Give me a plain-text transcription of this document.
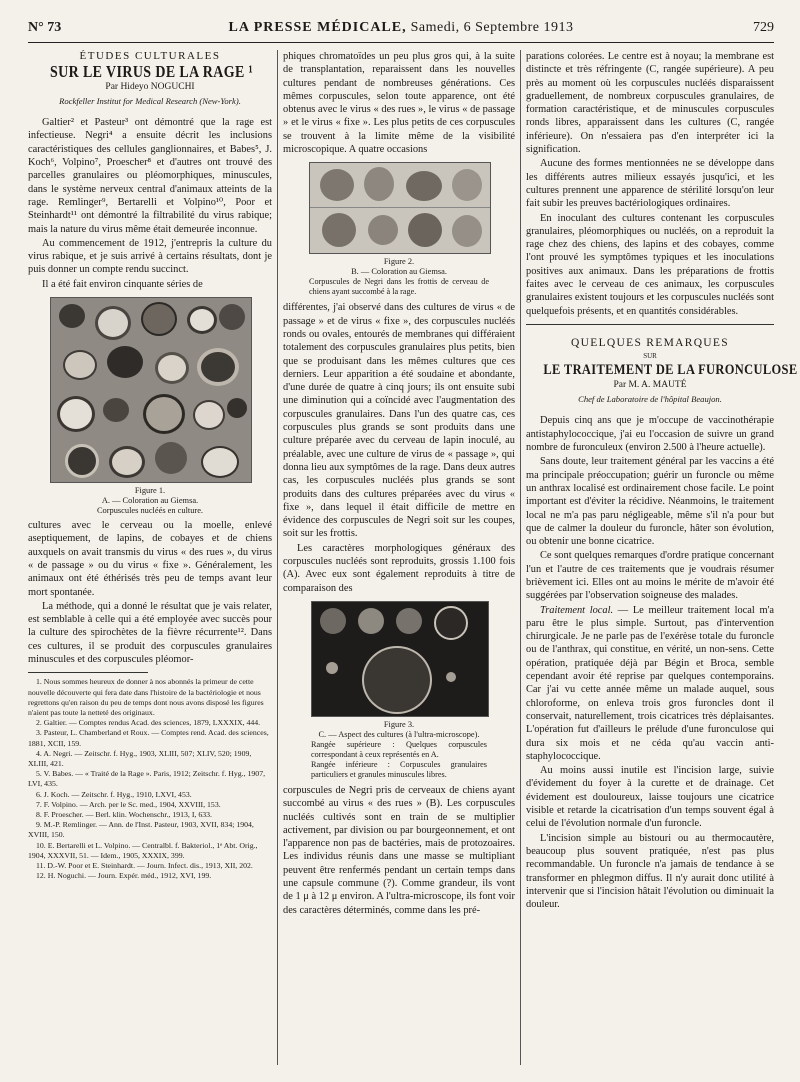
N° 73	LA PRESSE MÉDICALE, Samedi, 6 Septembre 1913	729

ÉTUDES CULTURALES

SUR LE VIRUS DE LA RAGE ¹

Par Hideyo NOGUCHI

Rockfeller Institut for Medical Research (New-York).

Galtier² et Pasteur³ ont démontré que la rage est infectieuse. Negri⁴ a ensuite décrit les inclusions caractéristiques des cellules ganglionnaires, et Babes⁵, J. Koch⁶, Volpino⁷, Proescher⁸ et d'autres ont trouvé des parcelles granulaires ou pléomorphiques, minuscules, dans le système nerveux central d'animaux atteints de la rage. Remlinger⁹, Bertarelli et Volpino¹⁰, Poor et Steinhardt¹¹ ont démontré la filtrabilité du virus rabique; mais la nature du virus même était demeurée inconnue.

Au commencement de 1912, j'entrepris la culture du virus rabique, et je suis arrivé à certains résultats, dont je puis donner un compte rendu succinct.

Il a été fait environ cinquante séries de

Figure 1.

A. — Coloration au Giemsa.

Corpuscules nucléés en culture.

cultures avec le cerveau ou la moelle, enlevé aseptiquement, de lapins, de cobayes et de chiens auxquels on avait transmis du virus « des rues », du virus « de passage » ou du virus « fixe ». Généralement, les animaux ont été éthérisés très peu de temps avant leur mort spontanée.

La méthode, qui a donné le résultat que je vais relater, est semblable à celle qui a été employée avec succès pour la culture des spirochètes de la fièvre récurrente¹². Dans ces cultures, il se produit des corpuscules granulaires minuscules et des corpuscules pléomor-

1. Nous sommes heureux de donner à nos abonnés la primeur de cette nouvelle découverte qui fera date dans l'histoire de la bactériologie et nous regrettons qu'en raison du peu de temps dont nous avons disposé les figures n'aient pas toute la netteté des originaux.

2. Galtier. — Comptes rendus Acad. des sciences, 1879, LXXXIX, 444.

3. Pasteur, L. Chamberland et Roux. — Comptes rend. Acad. des sciences, 1881, XCII, 159.

4. A. Negri. — Zeitschr. f. Hyg., 1903, XLIII, 507; XLIV, 520; 1909, XLIII, 421.

5. V. Babes. — « Traité de la Rage ». Paris, 1912; Zeitschr. f. Hyg., 1907, LVI, 435.

6. J. Koch. — Zeitschr. f. Hyg., 1910, LXVI, 453.

7. F. Volpino. — Arch. per le Sc. med., 1904, XXVIII, 153.

8. F. Proescher. — Berl. klin. Wochenschr., 1913, I, 633.

9. M.-P. Remlinger. — Ann. de l'Inst. Pasteur, 1903, XVII, 834; 1904, XVIII, 150.

10. E. Bertarelli et L. Volpino. — Centralbl. f. Bakteriol., 1ᵉ Abt. Orig., 1904, XXXVII, 51. — Idem., 1905, XXXIX, 399.

11. D.-W. Poor et E. Steinhardt. — Journ. Infect. dis., 1913, XII, 202.

12. H. Noguchi. — Journ. Expér. méd., 1912, XVI, 199.

phiques chromatoïdes un peu plus gros qui, à la suite de transplantation, reparaissent dans les nouvelles cultures pendant de nombreuses générations. Ces mêmes corpuscules, selon toute apparence, ont été obtenus avec le virus « des rues », le virus « de passage » et le virus « fixe ». Les plus petits de ces corpuscules se trouvent à la limite même de la visibilité microscopique. A quatre occasions

Figure 2.

B. — Coloration au Giemsa.

Corpuscules de Negri dans les frottis de cerveau de chiens ayant succombé à la rage.

différentes, j'ai observé dans des cultures de virus « de passage » et de virus « fixe », des corpuscules nucléés ronds ou ovales, entourés de membranes qui différaient totalement des corpuscules granulaires plus petits, bien que se produisant dans les mêmes cultures que ces derniers. Leur apparition a été soudaine et abondante, d'une durée de quatre à cinq jours; ils ont ensuite subi une diminution qui a coïncidé avec l'augmentation des corpuscules granulaires. Dans l'un des quatre cas, ces corpuscules plus grands se sont produits dans une culture préparée avec du cerveau de lapin inoculé, au préalable, avec une culture de virus de « passage », qui donna lieu aux symptômes de la rage. Dans deux autres cas, les corpuscules nucléés plus grands se sont produits dans des cultures préparées avec du virus « fixe », dans lequel il était difficile de mettre en évidence des corpuscules de Negri soit sur les coupes, soit sur les frottis.

Les caractères morphologiques généraux des corpuscules nucléés sont reproduits, grossis 1.100 fois (A). Avec eux sont également reproduits à titre de comparaison des

Figure 3.

C. — Aspect des cultures (à l'ultra-microscope).

Rangée supérieure : Quelques corpuscules correspondant à ceux représentés en A.

Rangée inférieure : Corpuscules granulaires particuliers et granules minuscules libres.

corpuscules de Negri pris de cerveaux de chiens ayant succombé au virus « des rues » (B). Les corpuscules nucléés cultivés sont en train de se multiplier activement, par division ou par bourgeonnement, et ont l'apparence non pas de bactéries, mais de protozoaires. Les individus réunis dans une masse se multipliant peuvent être renfermés pendant un certain temps dans une capsule commune (?). Comme grandeur, ils vont de 1 μ à 12 μ environ. A l'ultra-microscope, ils font voir des caractères déterminés, comme dans les pré-

parations colorées. Le centre est à noyau; la membrane est distincte et très réfringente (C, rangée supérieure). A peu près au moment où les corpuscules nucléés disparaissent graduellement, de nombreux corpuscules granulaires, de formation caractéristique, et de minuscules corpuscules ronds libres, apparaissent dans les cultures (C, rangée inférieure). On n'essaiera pas d'en interpréter ici la signification.

Aucune des formes mentionnées ne se développe dans les différents autres milieux essayés jusqu'ici, et les cultures prennent une apparence de stérilité lorsqu'on leur fait subir les preuves bactériologiques ordinaires.

En inoculant des cultures contenant les corpuscules granulaires, pléomorphiques ou nucléés, on a reproduit la rage chez des chiens, des lapins et des cobayes, comme l'ont prouvé les symptômes typiques et les inoculations positives aux animaux. Dans les préparations de frottis faites avec le cerveau de ces animaux, les corpuscules granulaires existent toujours et les corpuscules nucléés sont quelquefois présents, et en quantités considérables.

QUELQUES REMARQUES

SUR

LE TRAITEMENT DE LA FURONCULOSE

Par M. A. MAUTÉ

Chef de Laboratoire de l'hôpital Beaujon.

Depuis cinq ans que je m'occupe de vaccinothérapie antistaphylococcique, j'ai eu l'occasion de suivre un grand nombre de furonculeux (environ 2.500 à l'heure actuelle).

Sans doute, leur traitement général par les vaccins a été ma principale préoccupation; guérir un furoncle ou même un anthrax localisé est ordinairement chose facile. Le point important est d'éviter la récidive. Néanmoins, le traitement local ne m'a pas paru négligeable, même s'il n'a pour but que de calmer la douleur du furoncle, hâter son évolution, ou obtenir une bonne cicatrice.

Ce sont quelques remarques d'ordre pratique concernant l'un et l'autre de ces traitements que je voudrais résumer brièvement ici. Elles ont au moins le mérite de m'avoir été suggérées par l'observation soigneuse des malades.

Traitement local. — Le meilleur traitement local m'a paru être le plus simple. Surtout, pas d'intervention chirurgicale. Je ne parle pas de l'exérèse totale du furoncle ou de l'anthrax, qui constitue, en vérité, un non-sens. Cette opération, pratiquée déjà par Bégin et Broca, semble cependant avoir été reprise par quelques contemporains. Car j'ai vu cette année même un malade auquel, sous chloroforme, on enleva trois gros furoncles dont il conservait, naturellement, trois cicatrices très déplaisantes. L'opération fut d'ailleurs le prélude d'une furonculose qui dura six mois et ne céda qu'au vaccin anti-staphylococcique.

Au moins aussi inutile est l'incision large, suivie d'évidement du foyer à la curette et de drainage. Cet évidement est douloureux, laisse toujours une cicatrice visible et retarde la cicatrisation d'un temps souvent égal à celui de l'évolution normale d'un furoncle.

L'incision simple au bistouri ou au thermocautère, beaucoup plus souvent pratiquée, n'est pas plus recommandable. Un furoncle n'a jamais de tendance à se transformer en phlegmon diffus. Il n'y aurait donc utilité à intervenir que si l'incision hâtait l'évolution ou diminuait la douleur.
